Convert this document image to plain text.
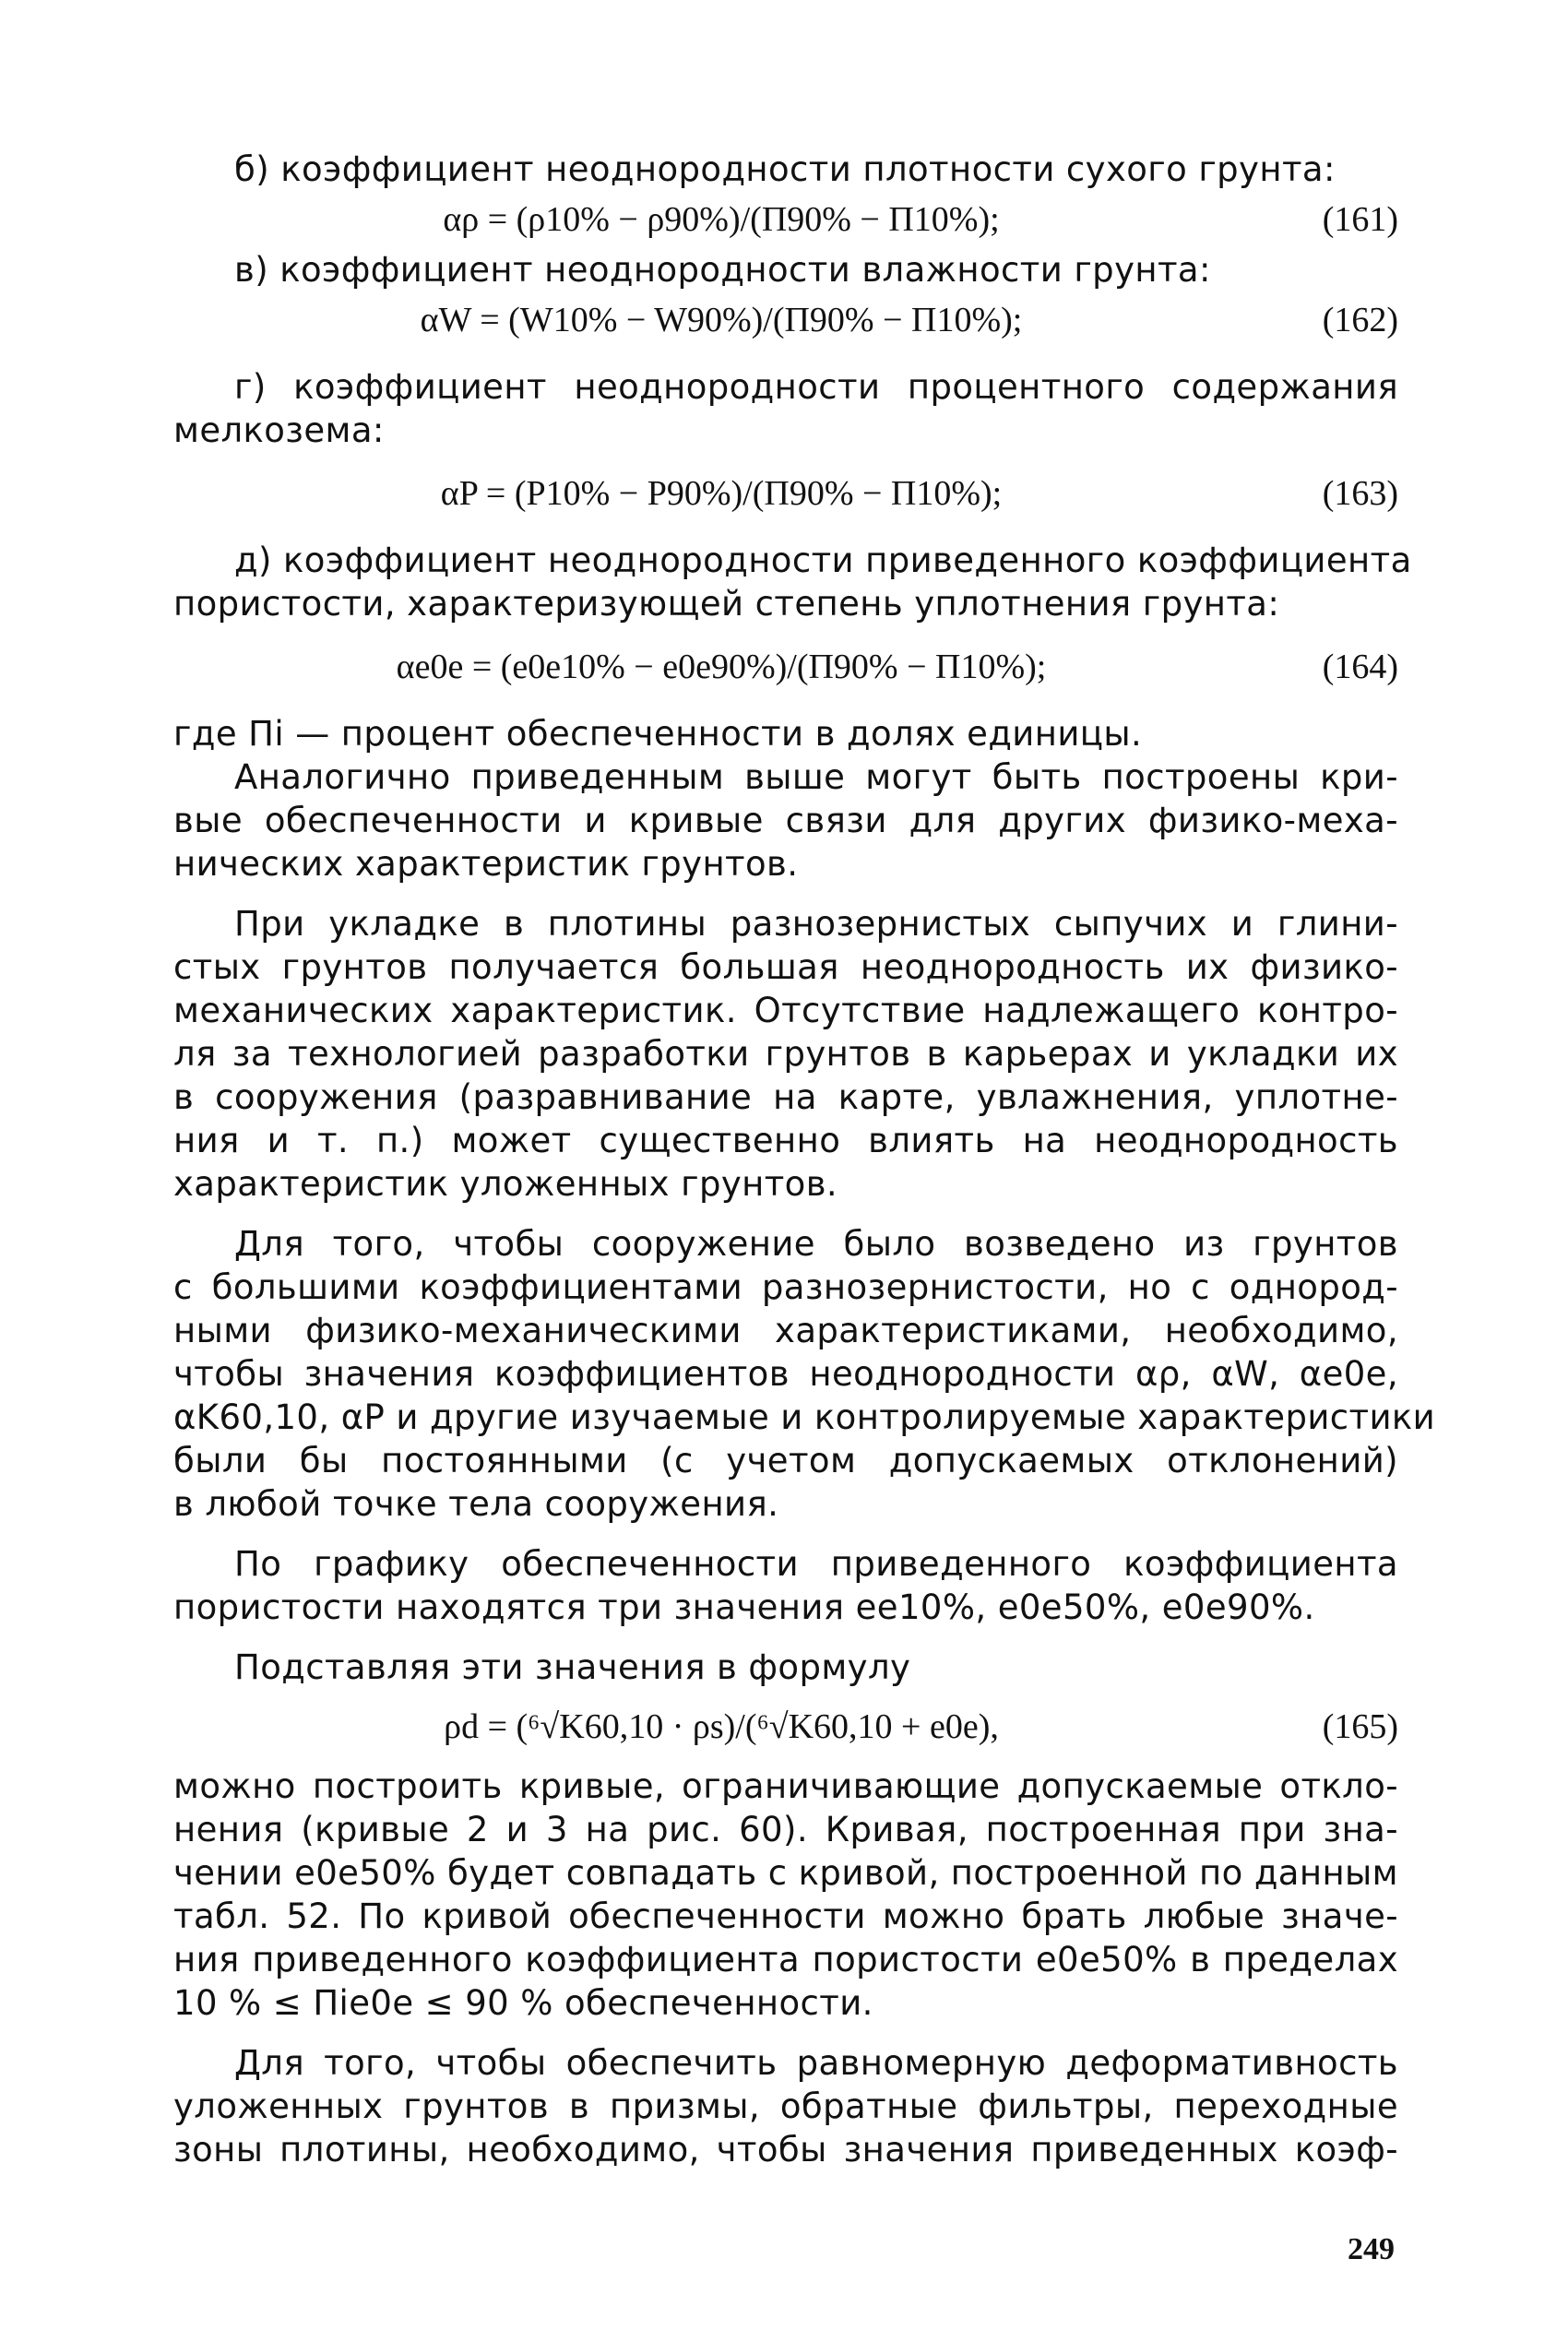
б) коэффициент неоднородности плотности сухого грунта:
αρ = (ρ10% − ρ90%)/(Π90% − Π10%);	(161)
в) коэффициент неоднородности влажности грунта:
αW = (W10% − W90%)/(Π90% − Π10%);	(162)
г) коэффициент неоднородности процентного содержания
мелкозема:
αP = (P10% − P90%)/(Π90% − Π10%);	(163)
д) коэффициент неоднородности приведенного коэффициента
пористости, характеризующей степень уплотнения грунта:
αe0e = (e0e10% − e0e90%)/(Π90% − Π10%);	(164)
где Πi — процент обеспеченности в долях единицы.
Аналогично приведенным выше могут быть построены кри-
вые обеспеченности и кривые связи для других физико-меха-
нических характеристик грунтов.
При укладке в плотины разнозернистых сыпучих и глини-
стых грунтов получается большая неоднородность их физико-
механических характеристик. Отсутствие надлежащего контро-
ля за технологией разработки грунтов в карьерах и укладки их
в сооружения (разравнивание на карте, увлажнения, уплотне-
ния и т. п.) может существенно влиять на неоднородность
характеристик уложенных грунтов.
Для того, чтобы сооружение было возведено из грунтов
с большими коэффициентами разнозернистости, но с однород-
ными физико-механическими характеристиками, необходимо,
чтобы значения коэффициентов неоднородности αρ, αW, αe0e,
αK60,10, αP и другие изучаемые и контролируемые характеристики
были бы постоянными (с учетом допускаемых отклонений)
в любой точке тела сооружения.
По графику обеспеченности приведенного коэффициента
пористости находятся три значения ee10%, e0e50%, e0e90%.
Подставляя эти значения в формулу
ρd = (⁶√K60,10 · ρs)/(⁶√K60,10 + e0e),	(165)
можно построить кривые, ограничивающие допускаемые откло-
нения (кривые 2 и 3 на рис. 60). Кривая, построенная при зна-
чении e0e50% будет совпадать с кривой, построенной по данным
табл. 52. По кривой обеспеченности можно брать любые значе-
ния приведенного коэффициента пористости e0e50% в пределах
10 % ≤ Πie0e ≤ 90 % обеспеченности.
Для того, чтобы обеспечить равномерную деформативность
уложенных грунтов в призмы, обратные фильтры, переходные
зоны плотины, необходимо, чтобы значения приведенных коэф-
249
